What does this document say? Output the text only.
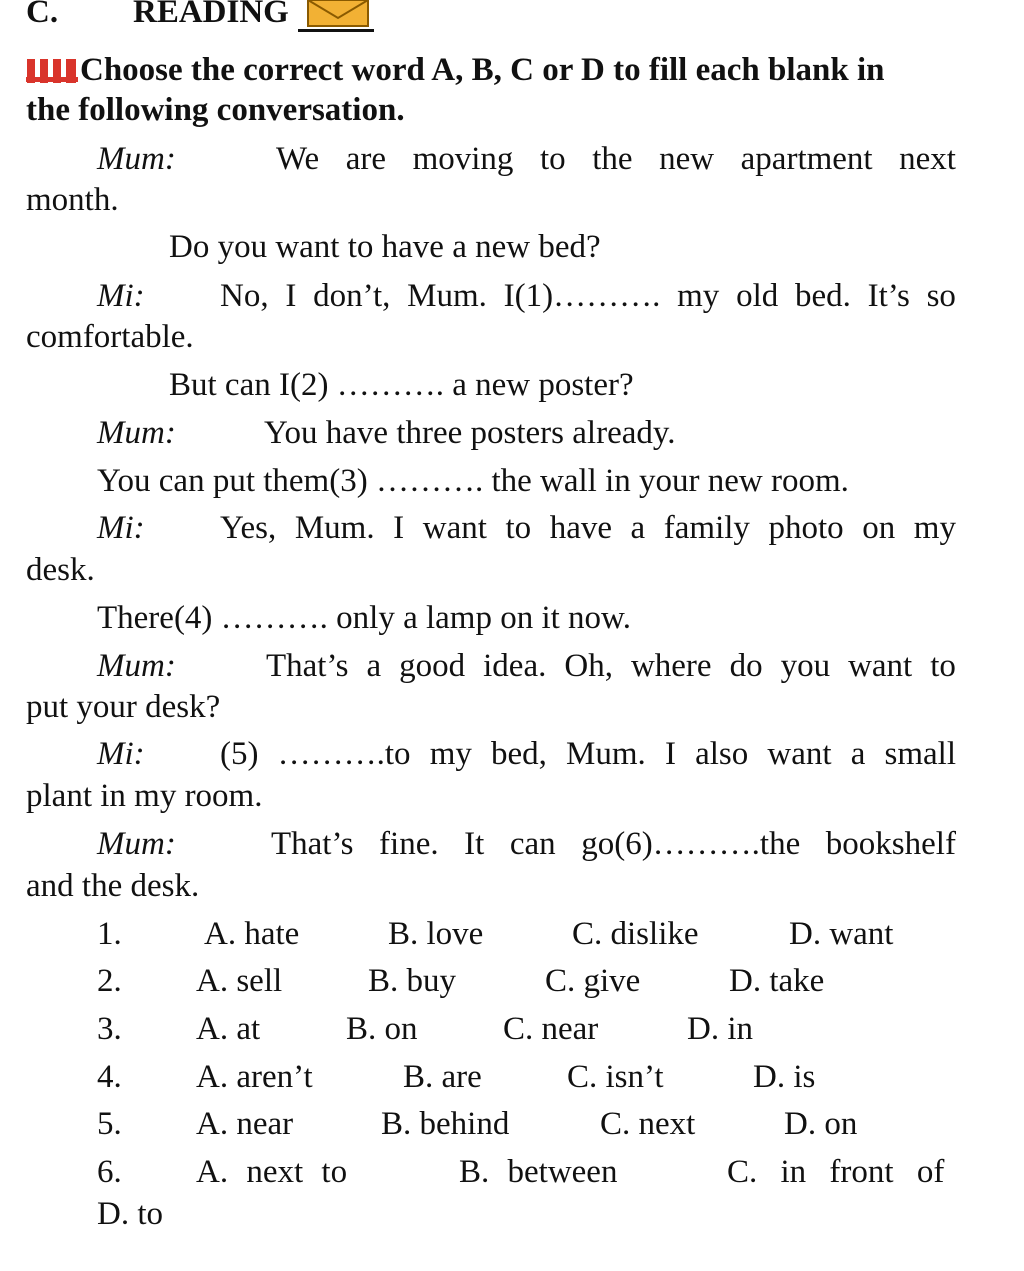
C. READING
Choose the correct word A, B, C or D to fill each blank in
the following conversation.
Mum:	We are moving to the new apartment next
month.
Do you want to have a new bed?
Mi: No, I don’t, Mum. I(1)………. my old bed. It’s so
comfortable.
But can I(2) ………. a new poster?
Mum:	You have three posters already.
You can put them(3) ………. the wall in your new room.
Mi: Yes, Mum. I want to have a family photo on my
desk.
There(4) ………. only a lamp on it now.
Mum:	That’s a good idea. Oh, where do you want to
put your desk?
Mi: (5) ……….to my bed, Mum. I also want a small
plant in my room.
Mum:	That’s fine. It can go(6)……….the bookshelf
and the desk.
1. A. hate	B. love	C. dislike	D. want
2. A. sell	B. buy	C. give	D. take
3. A. at	B. on	C. near	D. in
4. A. aren’t	B. are	C. isn’t	D. is
5. A. near	B. behind	C. next	D. on
6. A. next to	B. between	C. in front of
D. to
